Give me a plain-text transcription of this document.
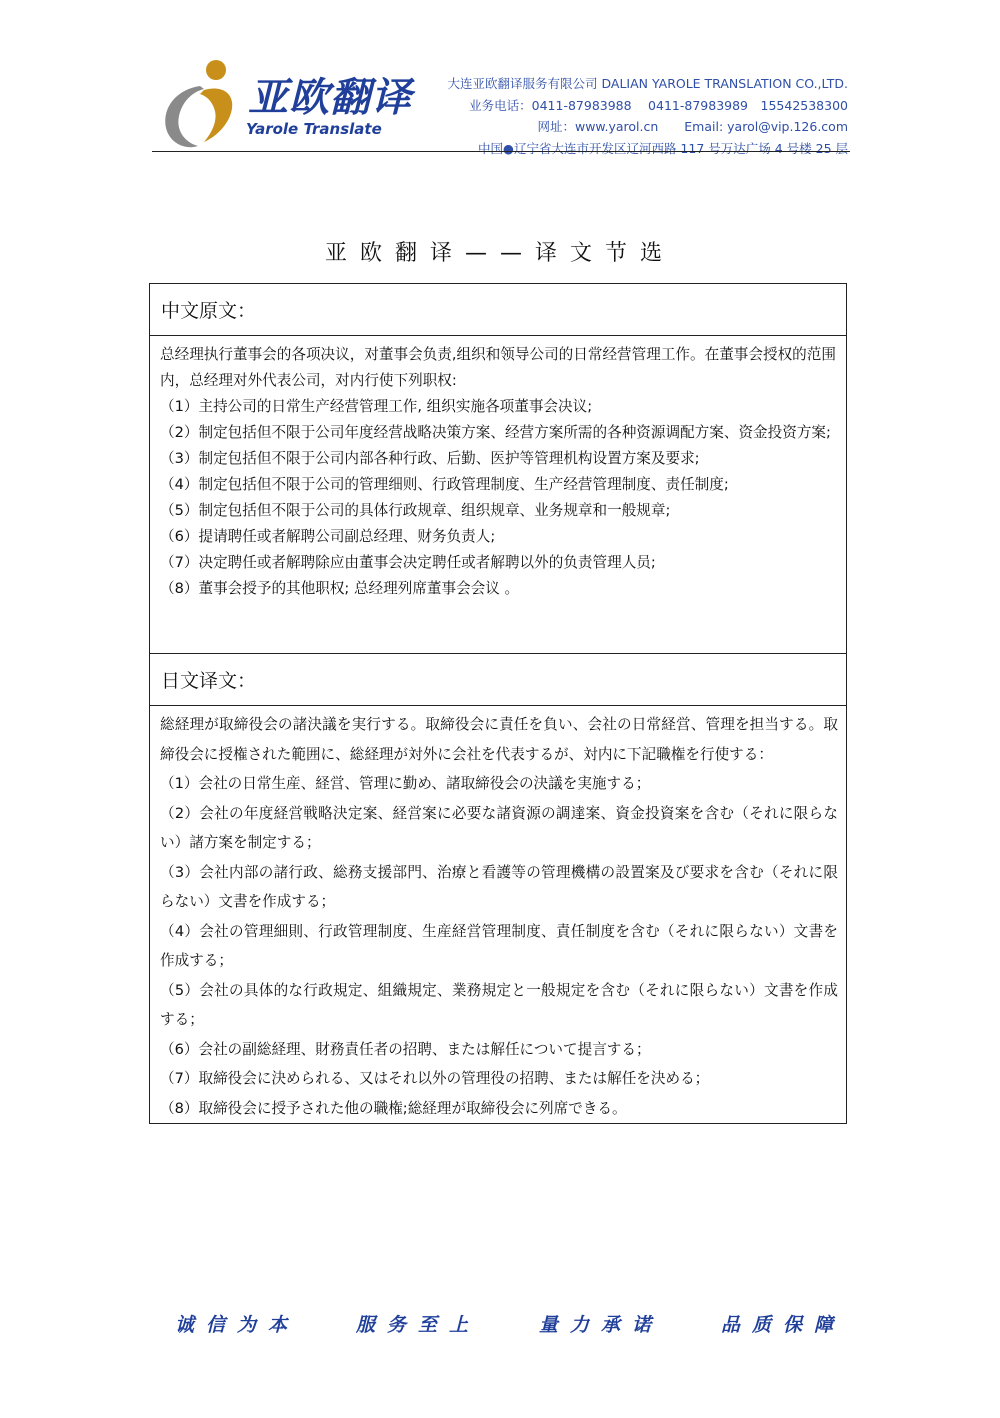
亚欧翻译
Yarole Translate
大连亚欧翻译服务有限公司 DALIAN YAROLE TRANSLATION CO.,LTD.
业务电话：0411-87983988　 0411-87983989　15542538300
网址：www.yarol.cn Email: yarol@vip.126.com
中国●辽宁省大连市开发区辽河西路 117 号万达广场 4 号楼 25 层
亚欧翻译——译文节选
中文原文：

总经理执行董事会的各项决议，对董事会负责,组织和领导公司的日常经营管理工作。在董事会授权的范围内，总经理对外代表公司，对内行使下列职权:

（1）主持公司的日常生产经营管理工作, 组织实施各项董事会决议;

（2）制定包括但不限于公司年度经营战略决策方案、经营方案所需的各种资源调配方案、资金投资方案;

（3）制定包括但不限于公司内部各种行政、后勤、医护等管理机构设置方案及要求;

（4）制定包括但不限于公司的管理细则、行政管理制度、生产经营管理制度、责任制度;

（5）制定包括但不限于公司的具体行政规章、组织规章、业务规章和一般规章;

（6）提请聘任或者解聘公司副总经理、财务负责人;

（7）决定聘任或者解聘除应由董事会决定聘任或者解聘以外的负责管理人员;

（8）董事会授予的其他职权; 总经理列席董事会会议 。

日文译文：

総経理が取締役会の諸決議を実行する。取締役会に責任を負い、会社の日常経営、管理を担当する。取締役会に授権された範囲に、総経理が対外に会社を代表するが、対内に下記職権を行使する：

（1）会社の日常生産、経営、管理に勤め、諸取締役会の決議を実施する；

（2）会社の年度経営戦略決定案、経営案に必要な諸資源の調達案、資金投資案を含む（それに限らない）諸方案を制定する；

（3）会社内部の諸行政、総務支援部門、治療と看護等の管理機構の設置案及び要求を含む（それに限らない）文書を作成する；

（4）会社の管理細則、行政管理制度、生産経営管理制度、責任制度を含む（それに限らない）文書を作成する；

（5）会社の具体的な行政規定、組織規定、業務規定と一般規定を含む（それに限らない）文書を作成する；

（6）会社の副総経理、財務責任者の招聘、または解任について提言する；

（7）取締役会に決められる、又はそれ以外の管理役の招聘、または解任を決める；

（8）取締役会に授予された他の職権;総経理が取締役会に列席できる。

诚信为本	服务至上	量力承诺	品质保障
